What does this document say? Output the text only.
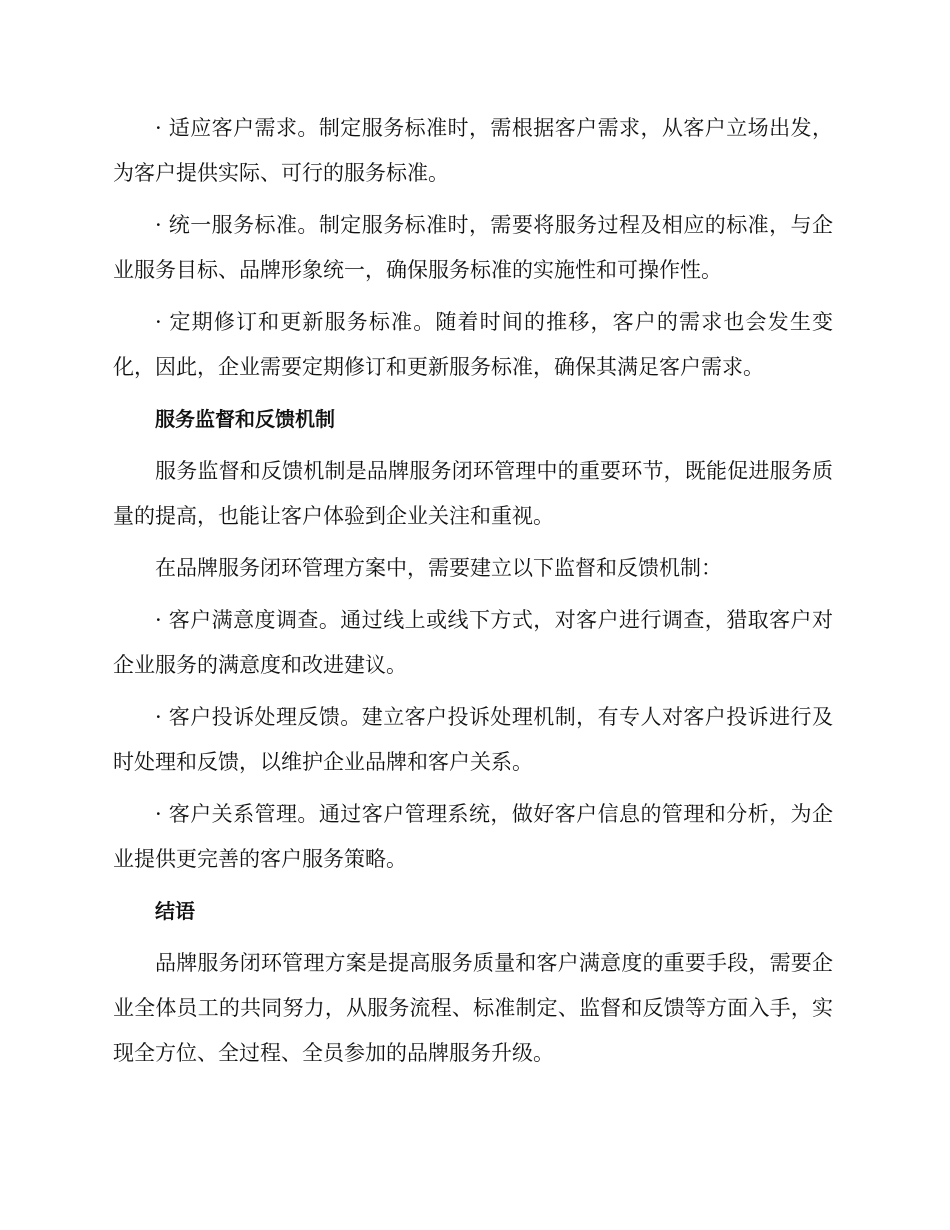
· 适应客户需求。制定服务标准时，需根据客户需求，从客户立场出发，为客户提供实际、可行的服务标准。

· 统一服务标准。制定服务标准时，需要将服务过程及相应的标准，与企业服务目标、品牌形象统一，确保服务标准的实施性和可操作性。

· 定期修订和更新服务标准。随着时间的推移，客户的需求也会发生变化，因此，企业需要定期修订和更新服务标准，确保其满足客户需求。

服务监督和反馈机制

服务监督和反馈机制是品牌服务闭环管理中的重要环节，既能促进服务质量的提高，也能让客户体验到企业关注和重视。

在品牌服务闭环管理方案中，需要建立以下监督和反馈机制：

· 客户满意度调查。通过线上或线下方式，对客户进行调查，猎取客户对企业服务的满意度和改进建议。

· 客户投诉处理反馈。建立客户投诉处理机制，有专人对客户投诉进行及时处理和反馈，以维护企业品牌和客户关系。

· 客户关系管理。通过客户管理系统，做好客户信息的管理和分析，为企业提供更完善的客户服务策略。

结语

品牌服务闭环管理方案是提高服务质量和客户满意度的重要手段，需要企业全体员工的共同努力，从服务流程、标准制定、监督和反馈等方面入手，实现全方位、全过程、全员参加的品牌服务升级。
